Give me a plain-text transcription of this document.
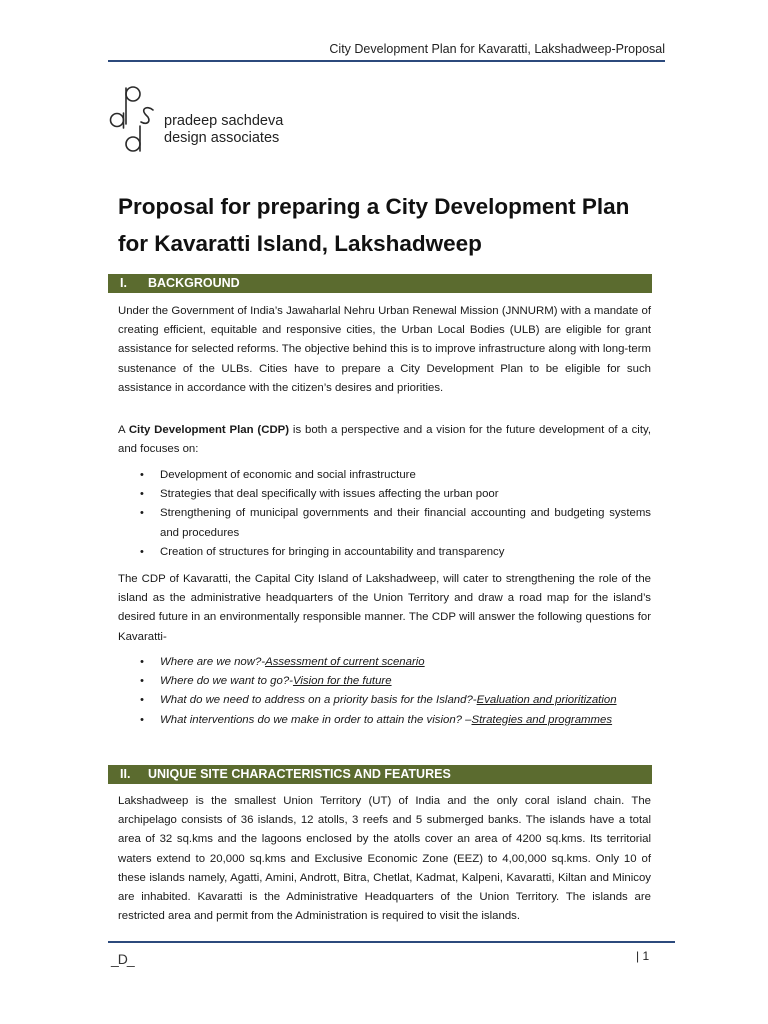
City Development Plan for Kavaratti, Lakshadweep-Proposal
pradeep sachdeva
design associates
Proposal for preparing a City Development Plan
for Kavaratti Island, Lakshadweep
I. BACKGROUND

Under the Government of India’s Jawaharlal Nehru Urban Renewal Mission (JNNURM) with a mandate of creating efficient, equitable and responsive cities, the Urban Local Bodies (ULB) are eligible for grant assistance for selected reforms. The objective behind this is to improve infrastructure along with long-term sustenance of the ULBs. Cities have to prepare a City Development Plan to be eligible for such assistance in accordance with the citizen’s desires and priorities.

A City Development Plan (CDP) is both a perspective and a vision for the future development of a city, and focuses on:

• Development of economic and social infrastructure
• Strategies that deal specifically with issues affecting the urban poor
• Strengthening of municipal governments and their financial accounting and budgeting systems and procedures
• Creation of structures for bringing in accountability and transparency

The CDP of Kavaratti, the Capital City Island of Lakshadweep, will cater to strengthening the role of the island as the administrative headquarters of the Union Territory and draw a road map for the island’s desired future in an environmentally responsible manner. The CDP will answer the following questions for Kavaratti-

• Where are we now?-Assessment of current scenario
• Where do we want to go?-Vision for the future
• What do we need to address on a priority basis for the Island?-Evaluation and prioritization
• What interventions do we make in order to attain the vision? –Strategies and programmes
II. UNIQUE SITE CHARACTERISTICS AND FEATURES

Lakshadweep is the smallest Union Territory (UT) of India and the only coral island chain. The archipelago consists of 36 islands, 12 atolls, 3 reefs and 5 submerged banks. The islands have a total area of 32 sq.kms and the lagoons enclosed by the atolls cover an area of 4200 sq.kms. Its territorial waters extend to 20,000 sq.kms and Exclusive Economic Zone (EEZ) to 4,00,000 sq.kms. Only 10 of these islands namely, Agatti, Amini, Andrott, Bitra, Chetlat, Kadmat, Kalpeni, Kavaratti, Kiltan and Minicoy are inhabited. Kavaratti is the Administrative Headquarters of the Union Territory. The islands are restricted area and permit from the Administration is required to visit the islands.

_D_	| 1
